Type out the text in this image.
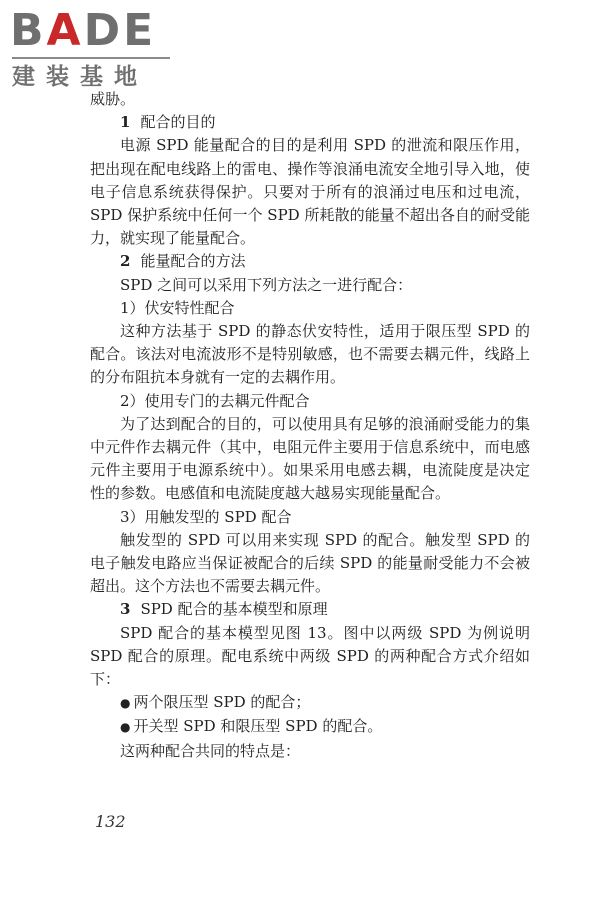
BADE
建装基地

威胁。

1 配合的目的

电源 SPD 能量配合的目的是利用 SPD 的泄流和限压作用，把出现在配电线路上的雷电、操作等浪涌电流安全地引导入地，使电子信息系统获得保护。只要对于所有的浪涌过电压和过电流，SPD 保护系统中任何一个 SPD 所耗散的能量不超出各自的耐受能力，就实现了能量配合。

2 能量配合的方法

SPD 之间可以采用下列方法之一进行配合：

1）伏安特性配合

这种方法基于 SPD 的静态伏安特性，适用于限压型 SPD 的配合。该法对电流波形不是特别敏感，也不需要去耦元件，线路上的分布阻抗本身就有一定的去耦作用。

2）使用专门的去耦元件配合

为了达到配合的目的，可以使用具有足够的浪涌耐受能力的集中元件作去耦元件（其中，电阻元件主要用于信息系统中，而电感元件主要用于电源系统中）。如果采用电感去耦，电流陡度是决定性的参数。电感值和电流陡度越大越易实现能量配合。

3）用触发型的 SPD 配合

触发型的 SPD 可以用来实现 SPD 的配合。触发型 SPD 的电子触发电路应当保证被配合的后续 SPD 的能量耐受能力不会被超出。这个方法也不需要去耦元件。

3 SPD 配合的基本模型和原理

SPD 配合的基本模型见图 13。图中以两级 SPD 为例说明 SPD 配合的原理。配电系统中两级 SPD 的两种配合方式介绍如下：

● 两个限压型 SPD 的配合；

● 开关型 SPD 和限压型 SPD 的配合。

这两种配合共同的特点是：

132
